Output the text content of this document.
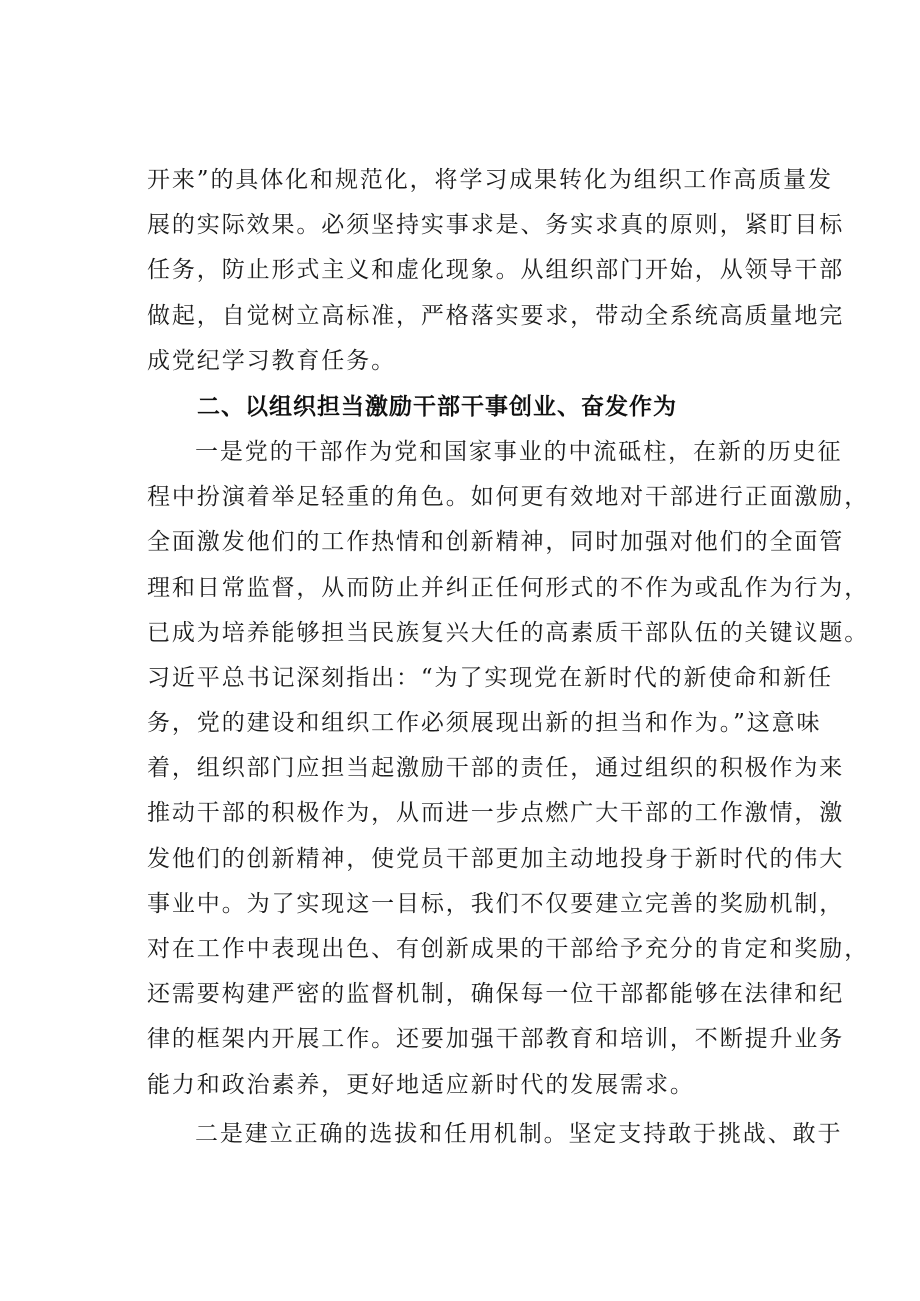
开来”的具体化和规范化，将学习成果转化为组织工作高质量发
展的实际效果。必须坚持实事求是、务实求真的原则，紧盯目标
任务，防止形式主义和虚化现象。从组织部门开始，从领导干部
做起，自觉树立高标准，严格落实要求，带动全系统高质量地完
成党纪学习教育任务。
二、以组织担当激励干部干事创业、奋发作为
一是党的干部作为党和国家事业的中流砥柱，在新的历史征
程中扮演着举足轻重的角色。如何更有效地对干部进行正面激励，
全面激发他们的工作热情和创新精神，同时加强对他们的全面管
理和日常监督，从而防止并纠正任何形式的不作为或乱作为行为，
已成为培养能够担当民族复兴大任的高素质干部队伍的关键议题。
习近平总书记深刻指出：“为了实现党在新时代的新使命和新任
务，党的建设和组织工作必须展现出新的担当和作为。”这意味
着，组织部门应担当起激励干部的责任，通过组织的积极作为来
推动干部的积极作为，从而进一步点燃广大干部的工作激情，激
发他们的创新精神，使党员干部更加主动地投身于新时代的伟大
事业中。为了实现这一目标，我们不仅要建立完善的奖励机制，
对在工作中表现出色、有创新成果的干部给予充分的肯定和奖励，
还需要构建严密的监督机制，确保每一位干部都能够在法律和纪
律的框架内开展工作。还要加强干部教育和培训，不断提升业务
能力和政治素养，更好地适应新时代的发展需求。
二是建立正确的选拔和任用机制。坚定支持敢于挑战、敢于
